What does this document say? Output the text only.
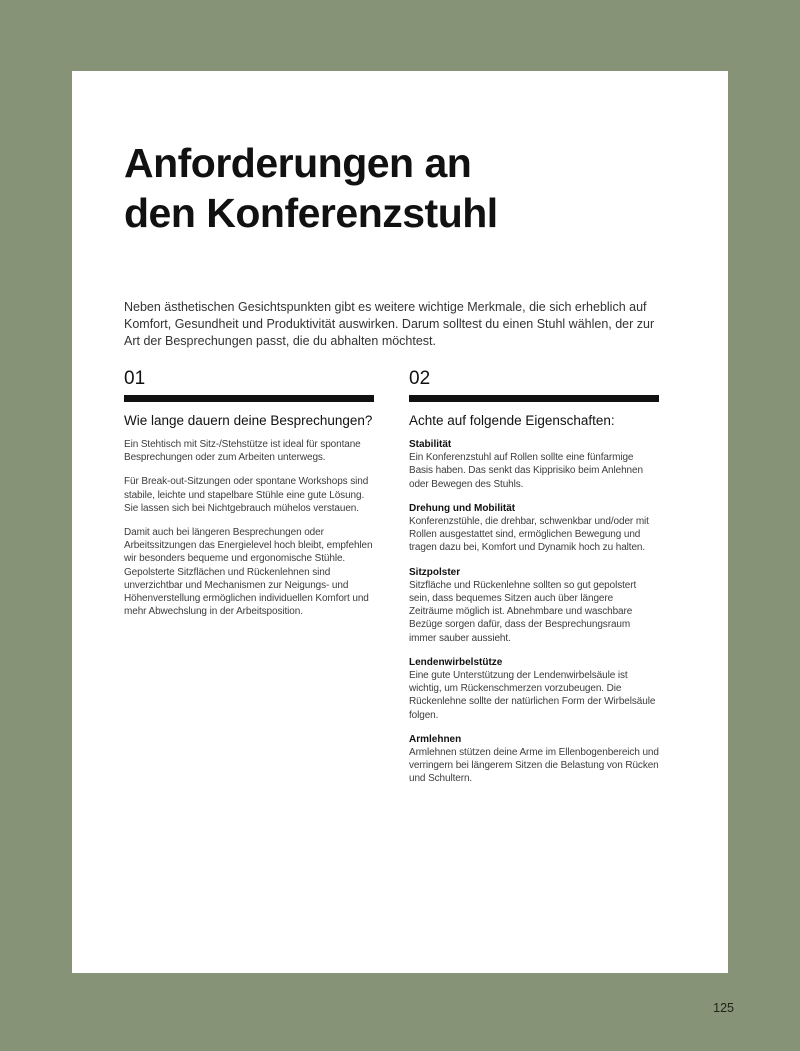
Anforderungen an
den Konferenzstuhl

Neben ästhetischen Gesichtspunkten gibt es weitere wichtige Merkmale, die sich erheblich auf Komfort, Gesundheit und Produktivität auswirken. Darum solltest du einen Stuhl wählen, der zur Art der Besprechungen passt, die du abhalten möchtest.

01
Wie lange dauern deine Besprechungen?

Ein Stehtisch mit Sitz-/Stehstütze ist ideal für spontane Besprechungen oder zum Arbeiten unterwegs.

Für Break-out-Sitzungen oder spontane Workshops sind stabile, leichte und stapelbare Stühle eine gute Lösung. Sie lassen sich bei Nichtgebrauch mühelos verstauen.

Damit auch bei längeren Besprechungen oder Arbeitssitzungen das Energielevel hoch bleibt, empfehlen wir besonders bequeme und ergonomische Stühle. Gepolsterte Sitzflächen und Rückenlehnen sind unverzichtbar und Mechanismen zur Neigungs- und Höhenverstellung ermöglichen individuellen Komfort und mehr Abwechslung in der Arbeitsposition.

02
Achte auf folgende Eigenschaften:
Stabilität
Ein Konferenzstuhl auf Rollen sollte eine fünfarmige Basis haben. Das senkt das Kipprisiko beim Anlehnen oder Bewegen des Stuhls.
Drehung und Mobilität
Konferenzstühle, die drehbar, schwenkbar und/oder mit Rollen ausgestattet sind, ermöglichen Bewegung und tragen dazu bei, Komfort und Dynamik hoch zu halten.
Sitzpolster
Sitzfläche und Rückenlehne sollten so gut gepolstert sein, dass bequemes Sitzen auch über längere Zeiträume möglich ist. Abnehmbare und waschbare Bezüge sorgen dafür, dass der Besprechungsraum immer sauber aussieht.
Lendenwirbelstütze
Eine gute Unterstützung der Lendenwirbelsäule ist wichtig, um Rückenschmerzen vorzubeugen. Die Rückenlehne sollte der natürlichen Form der Wirbelsäule folgen.
Armlehnen
Armlehnen stützen deine Arme im Ellenbogenbereich und verringern bei längerem Sitzen die Belastung von Rücken und Schultern.
125
